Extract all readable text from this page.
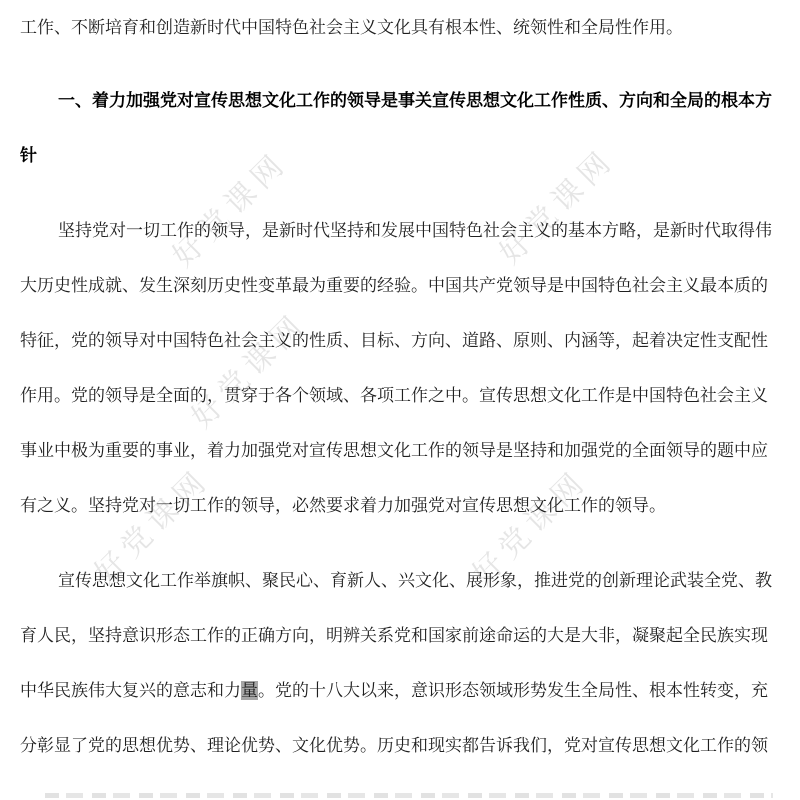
好党课网	好党课网
好党课网
好党课网	好党课网
工作、不断培育和创造新时代中国特色社会主义文化具有根本性、统领性和全局性作用。
一、着力加强党对宣传思想文化工作的领导是事关宣传思想文化工作性质、方向和全局的根本方
针
坚持党对一切工作的领导，是新时代坚持和发展中国特色社会主义的基本方略，是新时代取得伟
大历史性成就、发生深刻历史性变革最为重要的经验。中国共产党领导是中国特色社会主义最本质的
特征，党的领导对中国特色社会主义的性质、目标、方向、道路、原则、内涵等，起着决定性支配性
作用。党的领导是全面的，贯穿于各个领域、各项工作之中。宣传思想文化工作是中国特色社会主义
事业中极为重要的事业，着力加强党对宣传思想文化工作的领导是坚持和加强党的全面领导的题中应
有之义。坚持党对一切工作的领导，必然要求着力加强党对宣传思想文化工作的领导。
宣传思想文化工作举旗帜、聚民心、育新人、兴文化、展形象，推进党的创新理论武装全党、教
育人民，坚持意识形态工作的正确方向，明辨关系党和国家前途命运的大是大非，凝聚起全民族实现
中华民族伟大复兴的意志和力量。党的十八大以来，意识形态领域形势发生全局性、根本性转变，充
分彰显了党的思想优势、理论优势、文化优势。历史和现实都告诉我们，党对宣传思想文化工作的领
